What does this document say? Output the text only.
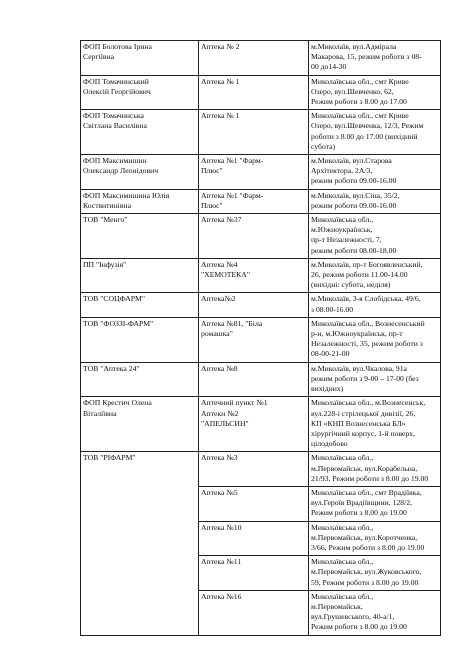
ФОП Болотова Ірина
Сергіївна	Аптека № 2	м.Миколаїв, вул.Адмірала
Макарова, 15, режим роботи з 08-
00 до14-30
ФОП Томачинський
Олексій Георгійович	Аптека № 1	Миколаївська обл., смт Криве
Озеро, вул.Шевченко, 62,
Режим роботи з 8.00 до 17.00
ФОП Томачинська
Світлана Василівна	Аптека № 1	Миколаївська обл., смт Криве
Озеро, вул.Шевченка, 12/3, Режим
роботи з 8.00 до 17.00 (вихідний
субота)
ФОП Максимишин
Олександр Леонідович	Аптека №1 "Фарм-
Плюс"	м.Миколаїв, вул.Старова
Архітектора, 2А/3,
режим роботи 09.00-16.00
ФОП Максимишина Юлія
Костянтинівна	Аптека №1 "Фарм-
Плюс"	м.Миколаїв, вул.Сіна, 35/2,
режим роботи 09.00-16.00
ТОВ "Менго"	Аптека №37	Миколаївська обл.,
м.Южноукраїнськ,
пр-т Незалежності, 7,
режим роботи 08.00-18.00
ПП "Інфузія"	Аптека №4
"ХЕМОТЕКА"	м.Миколаїв, пр-т Богоявленський,
26, режим роботи 11.00-14.00
(вихідні: субота, неділя)
ТОВ "СОЦФАРМ"	Аптека№2	м.Миколаїв, 3-я Слобідська, 49/6,
з 08.00-16.00
ТОВ "ФОЗЗІ-ФАРМ"	Аптека №81, "Біла
ромашка"	Миколаївська обл., Вознесенський
р-н, м.Южноукраїнськ, пр-т
Незалежності, 35, режим роботи з
08-00-21-00
ТОВ "Аптека 24"	Аптека №8	м.Миколаїв, вул.Чкалова, 91а
режим роботи з 9-00 – 17-00 (без
вихідних)
ФОП Крестич Олена
Віталіївна	Аптечний пункт №1
Аптеки №2
"АПЕЛЬСИН"	Миколаївська обл., м.Вознесенськ,
вул.228-і стрілецької дивізії, 26,
КП «КНП Вознесенська БЛ»
хірургічний корпус, 1-й поверх,
цілодобово
ТОВ "РІФАРМ"	Аптека №3	Миколаївська обл.,
м.Первомайськ, вул.Корабельна,
21/93, Режим роботи з 8.00 до 19.00
	Аптека №5	Миколаївська обл., смт Врадіївка,
вул.Героїв Врадіївщини, 128/2,
Режим роботи з 8.00 до 19.00
	Аптека №10	Миколаївська обл.,
м.Первомайськ, вул.Коротченка,
3/66, Режим роботи з 8.00 до 19.00
	Аптека №11	Миколаївська обл.,
м.Первомайськ, вул.Жуковського,
59, Режим роботи з 8.00 до 19.00
	Аптека №16	Миколаївська обл.,
м.Первомайськ,
вул.Грушевського, 40-а/1,
Режим роботи з 8.00 до 19.00
